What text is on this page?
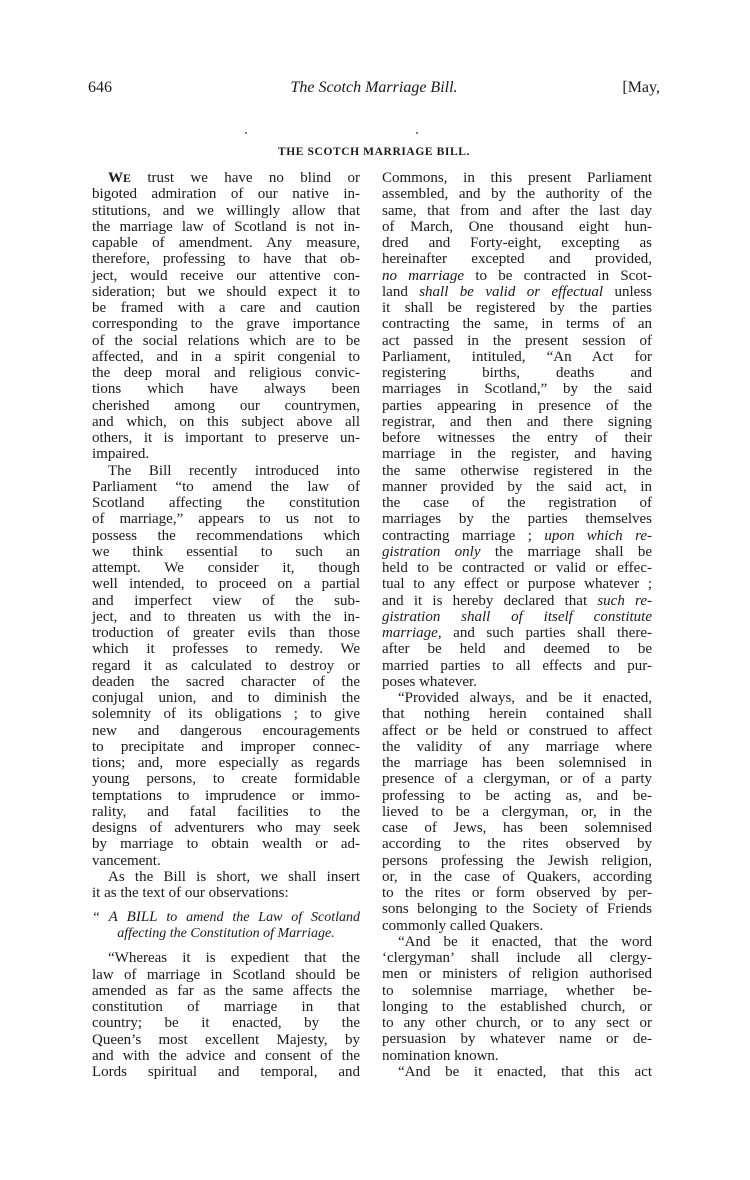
646	The Scotch Marriage Bill.	[May,
THE SCOTCH MARRIAGE BILL.
WE trust we have no blind or
bigoted admiration of our native in-
stitutions, and we willingly allow that
the marriage law of Scotland is not in-
capable of amendment. Any measure,
therefore, professing to have that ob-
ject, would receive our attentive con-
sideration; but we should expect it to
be framed with a care and caution
corresponding to the grave importance
of the social relations which are to be
affected, and in a spirit congenial to
the deep moral and religious convic-
tions which have always been
cherished among our countrymen,
and which, on this subject above all
others, it is important to preserve un-
impaired.
The Bill recently introduced into
Parliament “to amend the law of
Scotland affecting the constitution
of marriage,” appears to us not to
possess the recommendations which
we think essential to such an
attempt. We consider it, though
well intended, to proceed on a partial
and imperfect view of the sub-
ject, and to threaten us with the in-
troduction of greater evils than those
which it professes to remedy. We
regard it as calculated to destroy or
deaden the sacred character of the
conjugal union, and to diminish the
solemnity of its obligations ; to give
new and dangerous encouragements
to precipitate and improper connec-
tions; and, more especially as regards
young persons, to create formidable
temptations to imprudence or immo-
rality, and fatal facilities to the
designs of adventurers who may seek
by marriage to obtain wealth or ad-
vancement.
As the Bill is short, we shall insert
it as the text of our observations:
“ A BILL to amend the Law of Scotland
affecting the Constitution of Marriage.
“Whereas it is expedient that the
law of marriage in Scotland should be
amended as far as the same affects the
constitution of marriage in that
country; be it enacted, by the
Queen’s most excellent Majesty, by
and with the advice and consent of the
Lords spiritual and temporal, and
Commons, in this present Parliament
assembled, and by the authority of the
same, that from and after the last day
of March, One thousand eight hun-
dred and Forty-eight, excepting as
hereinafter excepted and provided,
no marriage to be contracted in Scot-
land shall be valid or effectual unless
it shall be registered by the parties
contracting the same, in terms of an
act passed in the present session of
Parliament, intituled, “An Act for
registering births, deaths and
marriages in Scotland,” by the said
parties appearing in presence of the
registrar, and then and there signing
before witnesses the entry of their
marriage in the register, and having
the same otherwise registered in the
manner provided by the said act, in
the case of the registration of
marriages by the parties themselves
contracting marriage ; upon which re-
gistration only the marriage shall be
held to be contracted or valid or effec-
tual to any effect or purpose whatever ;
and it is hereby declared that such re-
gistration shall of itself constitute
marriage, and such parties shall there-
after be held and deemed to be
married parties to all effects and pur-
poses whatever.
“Provided always, and be it enacted,
that nothing herein contained shall
affect or be held or construed to affect
the validity of any marriage where
the marriage has been solemnised in
presence of a clergyman, or of a party
professing to be acting as, and be-
lieved to be a clergyman, or, in the
case of Jews, has been solemnised
according to the rites observed by
persons professing the Jewish religion,
or, in the case of Quakers, according
to the rites or form observed by per-
sons belonging to the Society of Friends
commonly called Quakers.
“And be it enacted, that the word
‘clergyman’ shall include all clergy-
men or ministers of religion authorised
to solemnise marriage, whether be-
longing to the established church, or
to any other church, or to any sect or
persuasion by whatever name or de-
nomination known.
“And be it enacted, that this act
